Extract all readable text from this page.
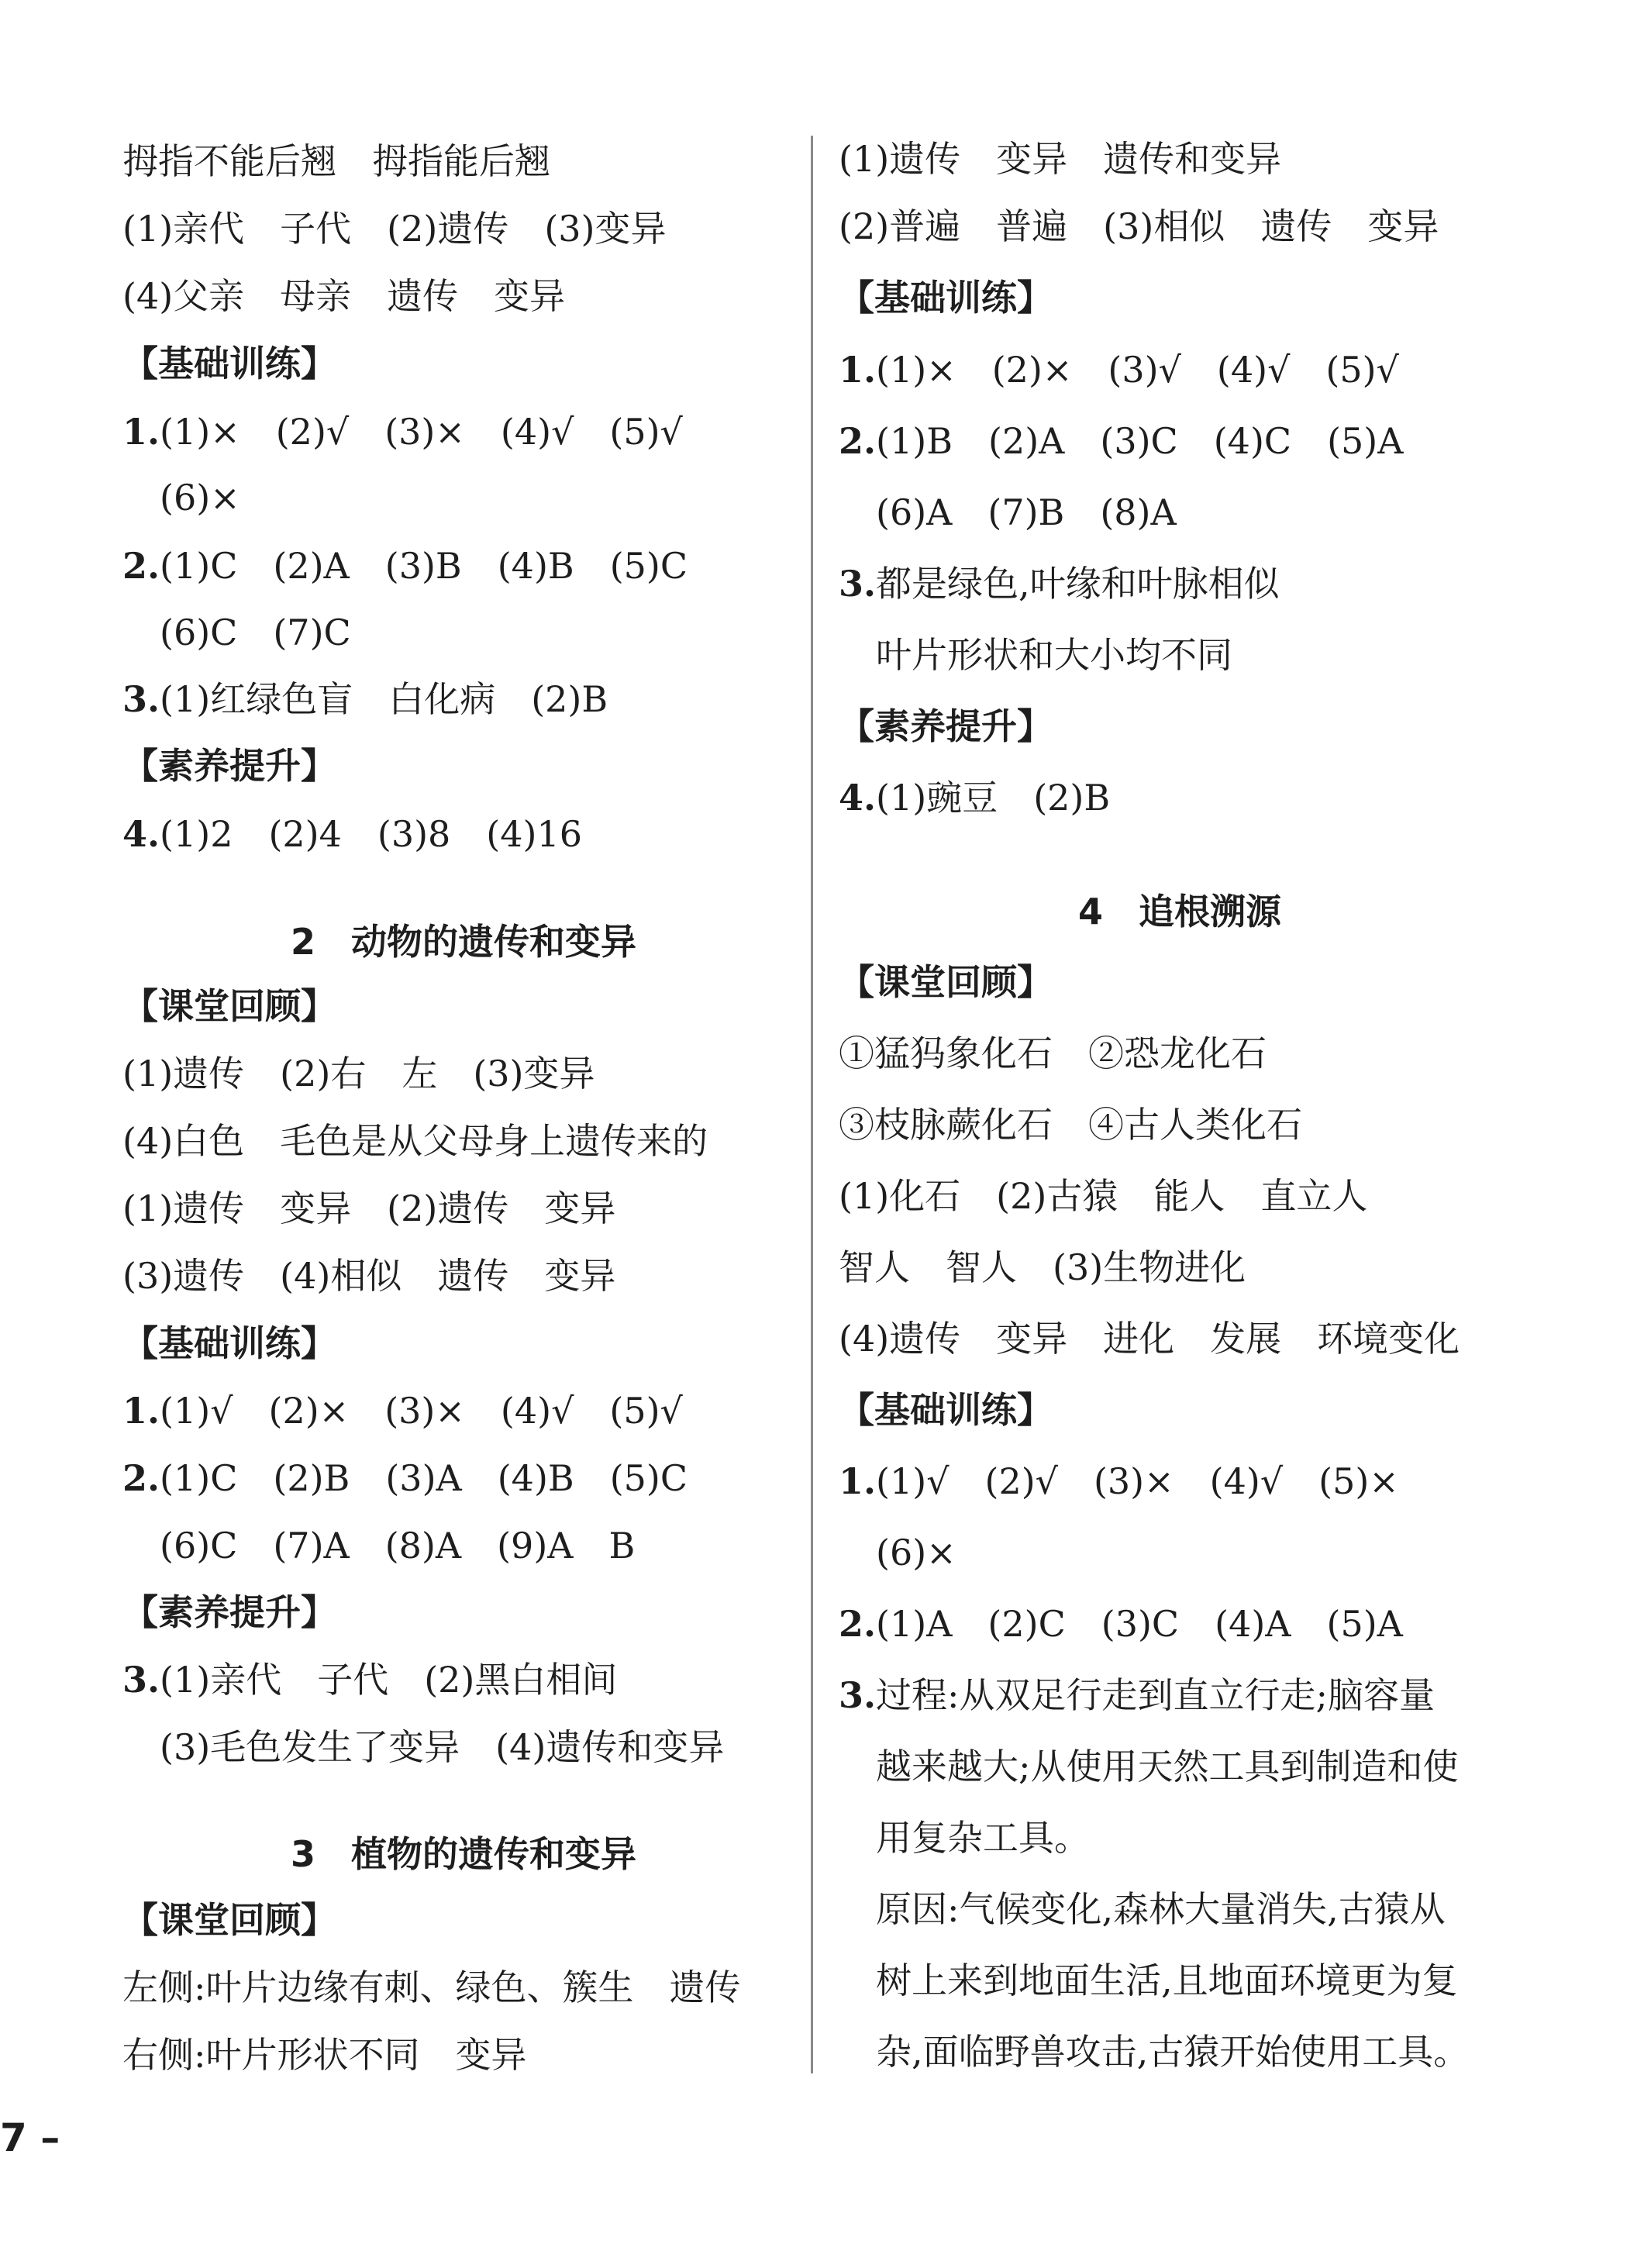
拇指不能后翘　拇指能后翘
(1)亲代　子代　(2)遗传　(3)变异
(4)父亲　母亲　遗传　变异
【基础训练】
1.(1)×　(2)√　(3)×　(4)√　(5)√
(6)×
2.(1)C　(2)A　(3)B　(4)B　(5)C
(6)C　(7)C
3.(1)红绿色盲　白化病　(2)B
【素养提升】
4.(1)2　(2)4　(3)8　(4)16
2　动物的遗传和变异
【课堂回顾】
(1)遗传　(2)右　左　(3)变异
(4)白色　毛色是从父母身上遗传来的
(1)遗传　变异　(2)遗传　变异
(3)遗传　(4)相似　遗传　变异
【基础训练】
1.(1)√　(2)×　(3)×　(4)√　(5)√
2.(1)C　(2)B　(3)A　(4)B　(5)C
(6)C　(7)A　(8)A　(9)A　B
【素养提升】
3.(1)亲代　子代　(2)黑白相间
(3)毛色发生了变异　(4)遗传和变异
3　植物的遗传和变异
【课堂回顾】
左侧:叶片边缘有刺、绿色、簇生　遗传
右侧:叶片形状不同　变异
(1)遗传　变异　遗传和变异
(2)普遍　普遍　(3)相似　遗传　变异
【基础训练】
1.(1)×　(2)×　(3)√　(4)√　(5)√
2.(1)B　(2)A　(3)C　(4)C　(5)A
(6)A　(7)B　(8)A
3.都是绿色,叶缘和叶脉相似
叶片形状和大小均不同
【素养提升】
4.(1)豌豆　(2)B
4　追根溯源
【课堂回顾】
①猛犸象化石　②恐龙化石
③枝脉蕨化石　④古人类化石
(1)化石　(2)古猿　能人　直立人
智人　智人　(3)生物进化
(4)遗传　变异　进化　发展　环境变化
【基础训练】
1.(1)√　(2)√　(3)×　(4)√　(5)×
(6)×
2.(1)A　(2)C　(3)C　(4)A　(5)A
3.过程:从双足行走到直立行走;脑容量
越来越大;从使用天然工具到制造和使
用复杂工具。
原因:气候变化,森林大量消失,古猿从
树上来到地面生活,且地面环境更为复
杂,面临野兽攻击,古猿开始使用工具。
7 –
